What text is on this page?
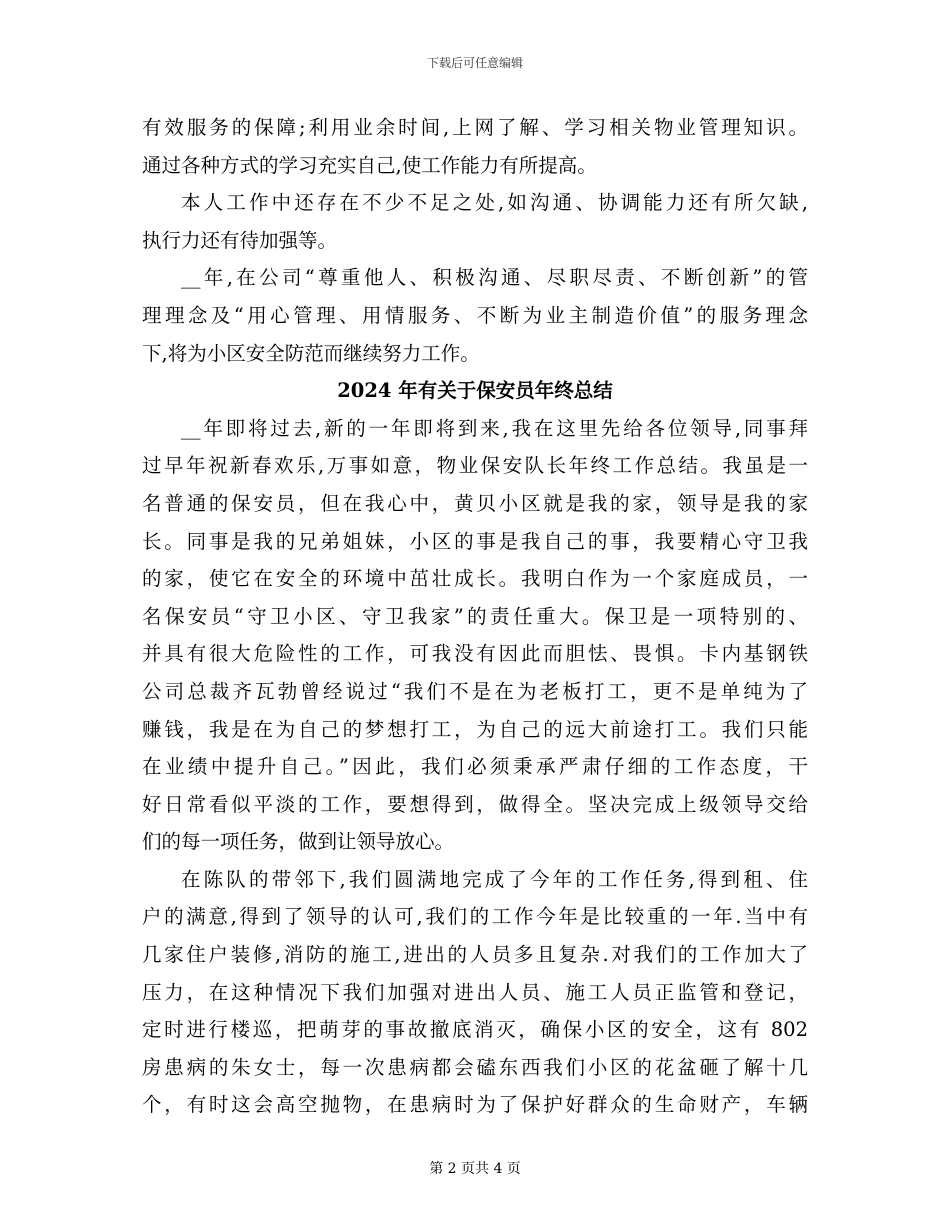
下载后可任意编辑
有效服务的保障;利用业余时间,上网了解、学习相关物业管理知识。
通过各种方式的学习充实自己,使工作能力有所提高。
本人工作中还存在不少不足之处,如沟通、协调能力还有所欠缺,
执行力还有待加强等。
__年,在公司“尊重他人、积极沟通、尽职尽责、不断创新”的管
理理念及“用心管理、用情服务、不断为业主制造价值”的服务理念
下,将为小区安全防范而继续努力工作。
2024 年有关于保安员年终总结
__年即将过去,新的一年即将到来,我在这里先给各位领导,同事拜
过早年祝新春欢乐,万事如意，物业保安队长年终工作总结。我虽是一
名普通的保安员，但在我心中，黄贝小区就是我的家，领导是我的家
长。同事是我的兄弟姐妹，小区的事是我自己的事，我要精心守卫我
的家，使它在安全的环境中茁壮成长。我明白作为一个家庭成员，一
名保安员“守卫小区、守卫我家”的责任重大。保卫是一项特别的、
并具有很大危险性的工作，可我没有因此而胆怯、畏惧。卡内基钢铁
公司总裁齐瓦勃曾经说过“我们不是在为老板打工，更不是单纯为了
赚钱，我是在为自己的梦想打工，为自己的远大前途打工。我们只能
在业绩中提升自己。”因此，我们必须秉承严肃仔细的工作态度，干
好日常看似平淡的工作，要想得到，做得全。坚决完成上级领导交给
们的每一项任务，做到让领导放心。
在陈队的带邻下,我们圆满地完成了今年的工作任务,得到租、住
户的满意,得到了领导的认可,我们的工作今年是比较重的一年.当中有
几家住户装修,消防的施工,进出的人员多且复杂.对我们的工作加大了
压力，在这种情况下我们加强对进出人员、施工人员正监管和登记，
定时进行楼巡，把萌芽的事故撤底消灭，确保小区的安全，这有 802
房患病的朱女士，每一次患病都会磕东西我们小区的花盆砸了解十几
个，有时这会高空抛物，在患病时为了保护好群众的生命财产，车辆
第 2 页共 4 页
